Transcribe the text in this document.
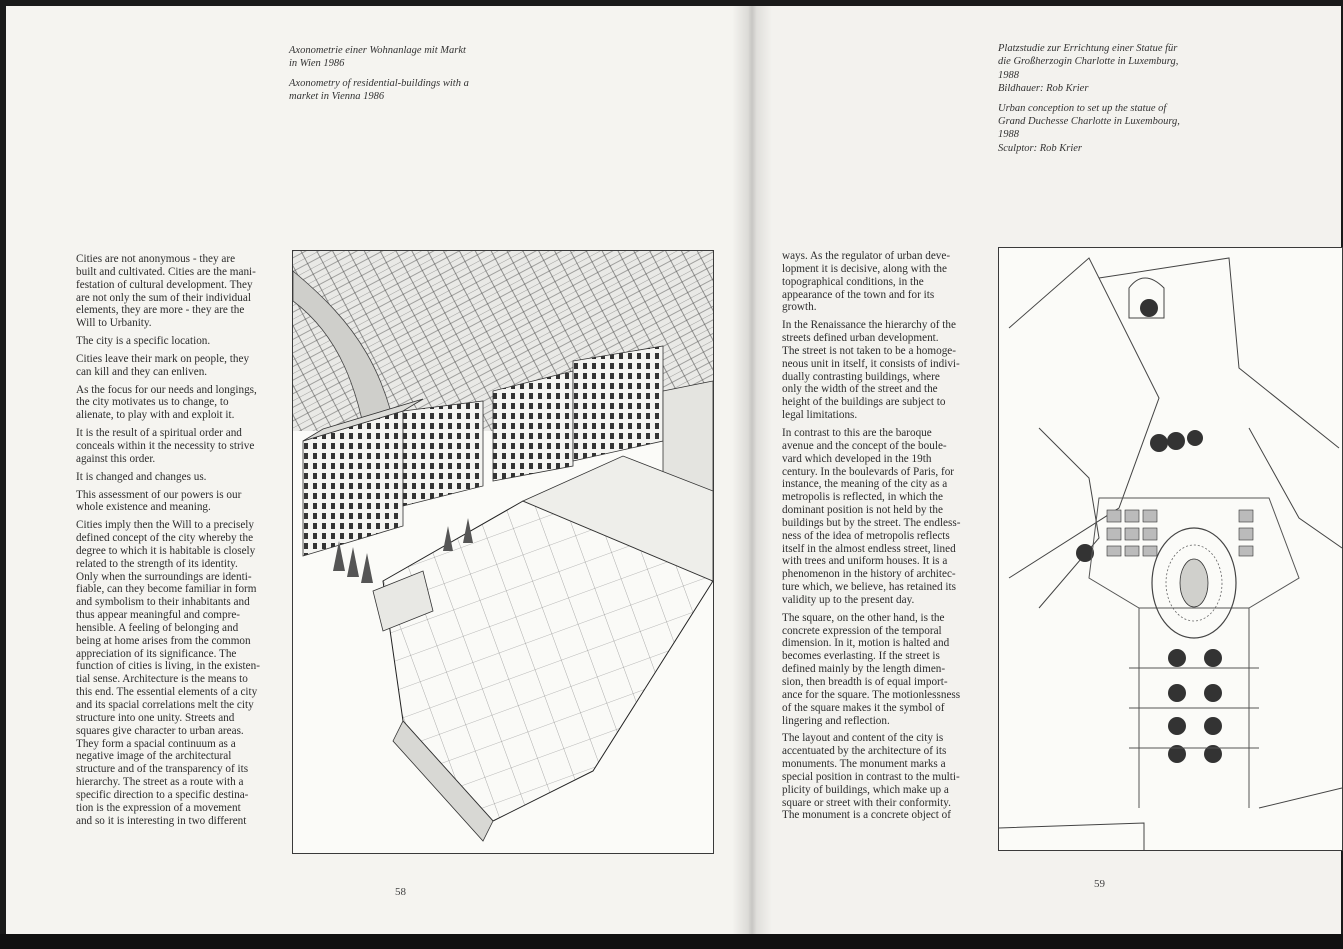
Axonometrie einer Wohnanlage mit Markt
in Wien 1986

Axonometry of residential-buildings with a
market in Vienna 1986

Cities are not anonymous - they are
built and cultivated. Cities are the mani-
festation of cultural development. They
are not only the sum of their individual
elements, they are more - they are the
Will to Urbanity.

The city is a specific location.

Cities leave their mark on people, they
can kill and they can enliven.

As the focus for our needs and longings,
the city motivates us to change, to
alienate, to play with and exploit it.

It is the result of a spiritual order and
conceals within it the necessity to strive
against this order.

It is changed and changes us.

This assessment of our powers is our
whole existence and meaning.

Cities imply then the Will to a precisely
defined concept of the city whereby the
degree to which it is habitable is closely
related to the strength of its identity.
Only when the surroundings are identi-
fiable, can they become familiar in form
and symbolism to their inhabitants and
thus appear meaningful and compre-
hensible. A feeling of belonging and
being at home arises from the common
appreciation of its significance. The
function of cities is living, in the existen-
tial sense. Architecture is the means to
this end. The essential elements of a city
and its spacial correlations melt the city
structure into one unity. Streets and
squares give character to urban areas.
They form a spacial continuum as a
negative image of the architectural
structure and of the transparency of its
hierarchy. The street as a route with a
specific direction to a specific destina-
tion is the expression of a movement
and so it is interesting in two different

58

Platzstudie zur Errichtung einer Statue für
die Großherzogin Charlotte in Luxemburg,
1988
Bildhauer: Rob Krier

Urban conception to set up the statue of
Grand Duchesse Charlotte in Luxembourg,
1988
Sculptor: Rob Krier

ways. As the regulator of urban deve-
lopment it is decisive, along with the
topographical conditions, in the
appearance of the town and for its
growth.

In the Renaissance the hierarchy of the
streets defined urban development.
The street is not taken to be a homoge-
neous unit in itself, it consists of indivi-
dually contrasting buildings, where
only the width of the street and the
height of the buildings are subject to
legal limitations.

In contrast to this are the baroque
avenue and the concept of the boule-
vard which developed in the 19th
century. In the boulevards of Paris, for
instance, the meaning of the city as a
metropolis is reflected, in which the
dominant position is not held by the
buildings but by the street. The endless-
ness of the idea of metropolis reflects
itself in the almost endless street, lined
with trees and uniform houses. It is a
phenomenon in the history of architec-
ture which, we believe, has retained its
validity up to the present day.

The square, on the other hand, is the
concrete expression of the temporal
dimension. In it, motion is halted and
becomes everlasting. If the street is
defined mainly by the length dimen-
sion, then breadth is of equal import-
ance for the square. The motionlessness
of the square makes it the symbol of
lingering and reflection.

The layout and content of the city is
accentuated by the architecture of its
monuments. The monument marks a
special position in contrast to the multi-
plicity of buildings, which make up a
square or street with their conformity.
The monument is a concrete object of

59
